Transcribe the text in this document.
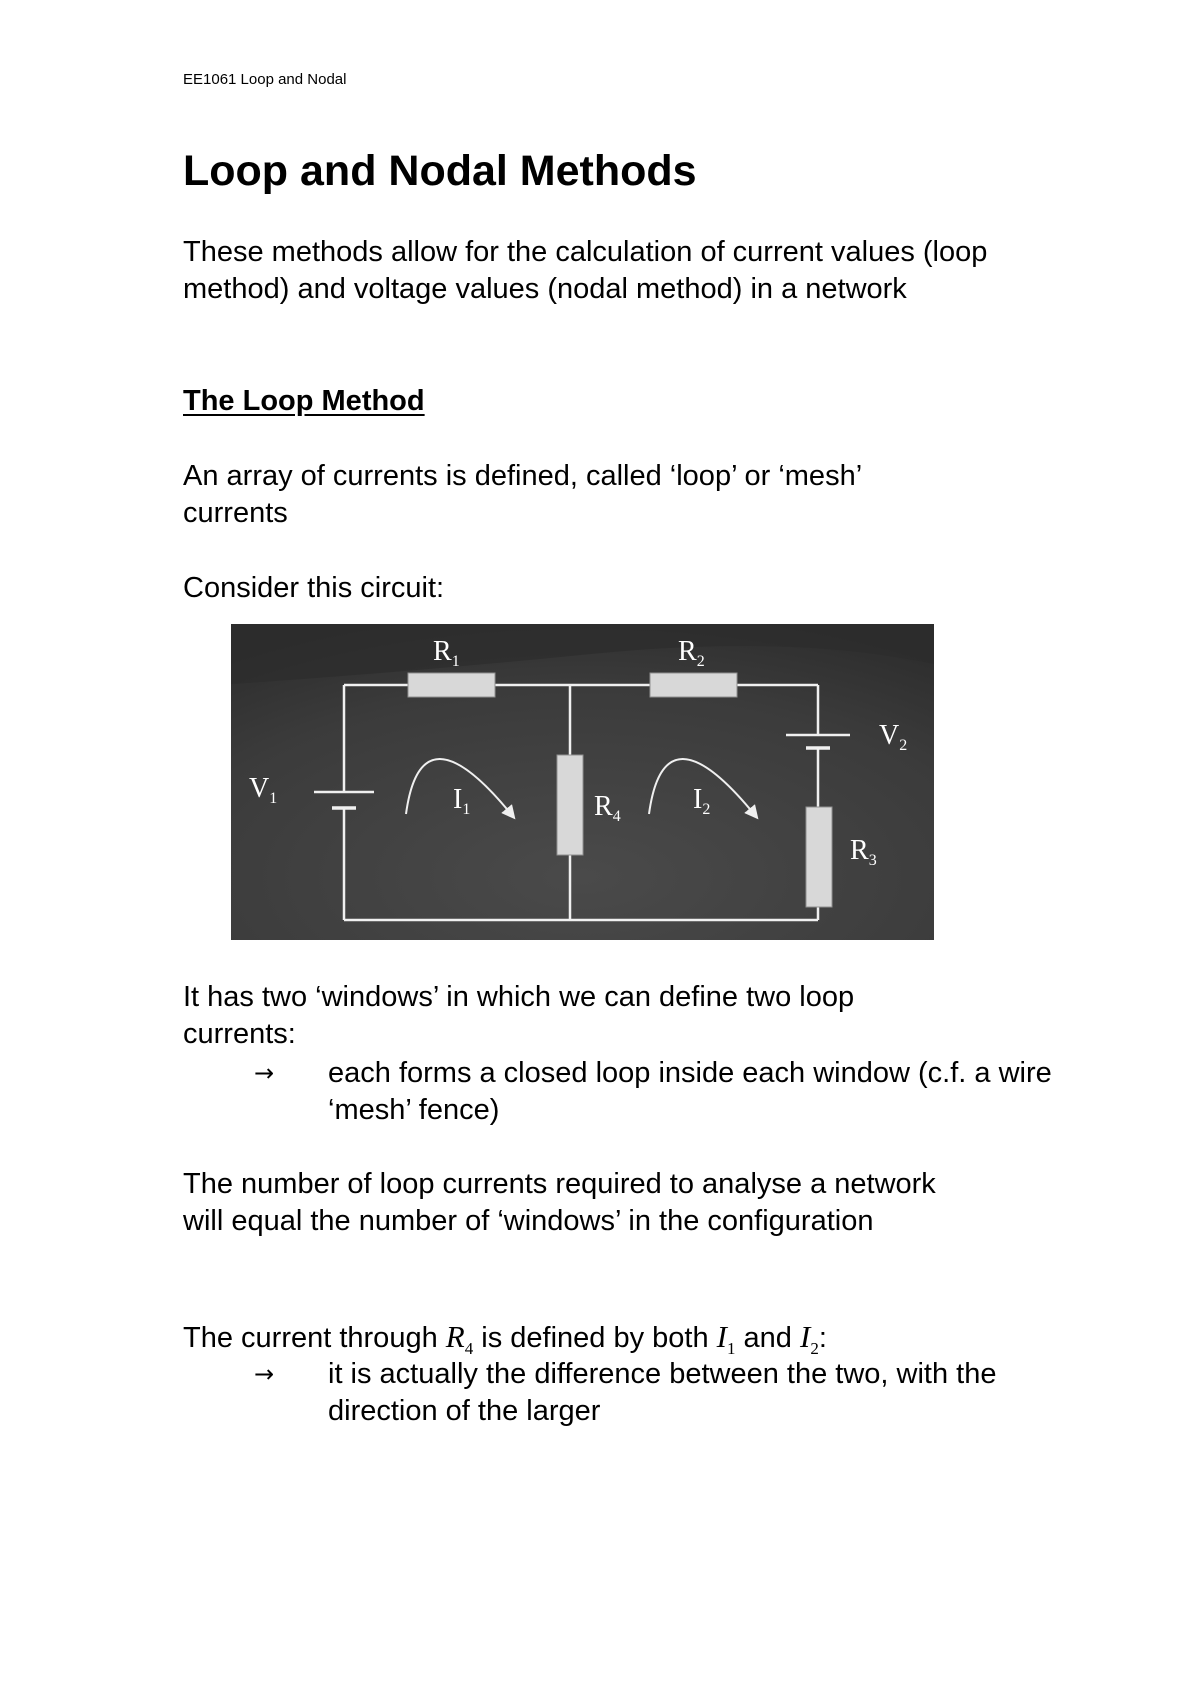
EE1061 Loop and Nodal
Loop and Nodal Methods

These methods allow for the calculation of current values (loop method) and voltage values (nodal method) in a network

The Loop Method

An array of currents is defined, called ‘loop’ or ‘mesh’ currents

Consider this circuit:

$R_1$	$R_2$
$V_1$
$V_2$
$I_1$	$I_2$
$R_4$
$R_3$

It has two ‘windows’ in which we can define two loop currents:

→ each forms a closed loop inside each window (c.f. a wire ‘mesh’ fence)

The number of loop currents required to analyse a network will equal the number of ‘windows’ in the configuration

The current through $R_4$ is defined by both $I_1$ and $I_2$:

→ it is actually the difference between the two, with the direction of the larger
